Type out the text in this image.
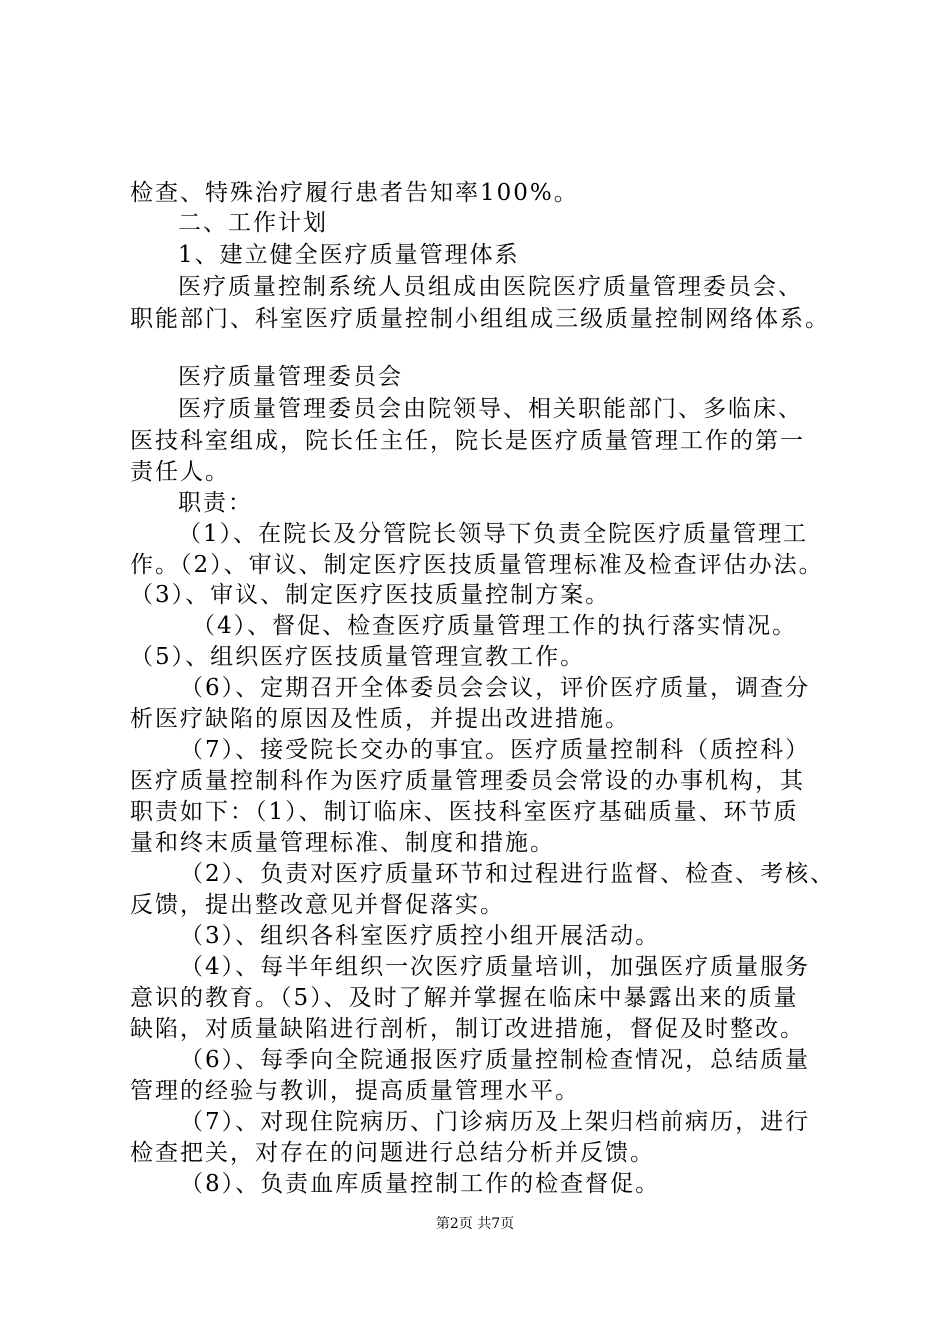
检查、特殊治疗履行患者告知率100%。
二、工作计划
1、建立健全医疗质量管理体系
医疗质量控制系统人员组成由医院医疗质量管理委员会、
职能部门、科室医疗质量控制小组组成三级质量控制网络体系。
医疗质量管理委员会
医疗质量管理委员会由院领导、相关职能部门、多临床、
医技科室组成，院长任主任，院长是医疗质量管理工作的第一
责任人。
职责：
（1）、在院长及分管院长领导下负责全院医疗质量管理工
作。（2）、审议、制定医疗医技质量管理标准及检查评估办法。
（3）、审议、制定医疗医技质量控制方案。
（4）、督促、检查医疗质量管理工作的执行落实情况。
（5）、组织医疗医技质量管理宣教工作。
（6）、定期召开全体委员会会议，评价医疗质量，调查分
析医疗缺陷的原因及性质，并提出改进措施。
（7）、接受院长交办的事宜。医疗质量控制科（质控科）
医疗质量控制科作为医疗质量管理委员会常设的办事机构，其
职责如下：（1）、制订临床、医技科室医疗基础质量、环节质
量和终末质量管理标准、制度和措施。
（2）、负责对医疗质量环节和过程进行监督、检查、考核、
反馈，提出整改意见并督促落实。
（3）、组织各科室医疗质控小组开展活动。
（4）、每半年组织一次医疗质量培训，加强医疗质量服务
意识的教育。（5）、及时了解并掌握在临床中暴露出来的质量
缺陷，对质量缺陷进行剖析，制订改进措施，督促及时整改。
（6）、每季向全院通报医疗质量控制检查情况，总结质量
管理的经验与教训，提高质量管理水平。
（7）、对现住院病历、门诊病历及上架归档前病历，进行
检查把关，对存在的问题进行总结分析并反馈。
（8）、负责血库质量控制工作的检查督促。
第2页 共7页
